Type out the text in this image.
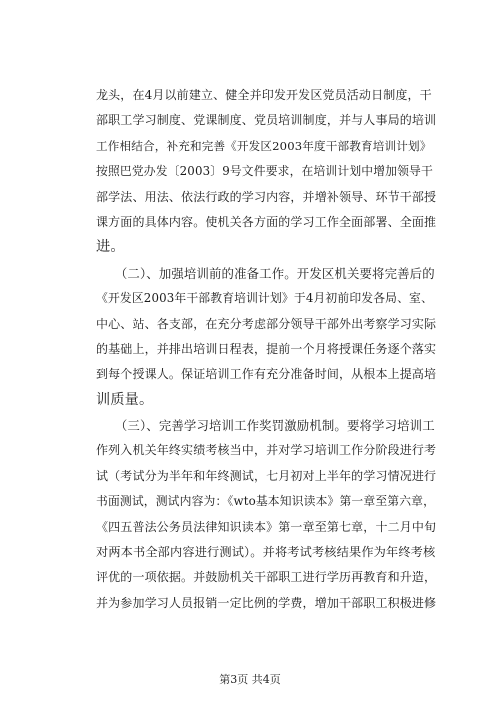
龙头，在4月以前建立、健全并印发开发区党员活动日制度，干
部职工学习制度、党课制度、党员培训制度，并与人事局的培训
工作相结合，补充和完善《开发区2003年度干部教育培训计划》
按照巴党办发〔2003〕9号文件要求，在培训计划中增加领导干
部学法、用法、依法行政的学习内容，并增补领导、环节干部授
课方面的具体内容。使机关各方面的学习工作全面部署、全面推
进。
　　（二）、加强培训前的准备工作。开发区机关要将完善后的
《开发区2003年干部教育培训计划》于4月初前印发各局、室、
中心、站、各支部，在充分考虑部分领导干部外出考察学习实际
的基础上，并排出培训日程表，提前一个月将授课任务逐个落实
到每个授课人。保证培训工作有充分准备时间，从根本上提高培
训质量。
　　（三）、完善学习培训工作奖罚激励机制。要将学习培训工
作列入机关年终实绩考核当中，并对学习培训工作分阶段进行考
试（考试分为半年和年终测试，七月初对上半年的学习情况进行
书面测试，测试内容为：《wto基本知识读本》第一章至第六章，
《四五普法公务员法律知识读本》第一章至第七章，十二月中旬
对两本书全部内容进行测试）。并将考试考核结果作为年终考核
评优的一项依据。并鼓励机关干部职工进行学历再教育和升造，
并为参加学习人员报销一定比例的学费，增加干部职工积极进修
第3页 共4页
